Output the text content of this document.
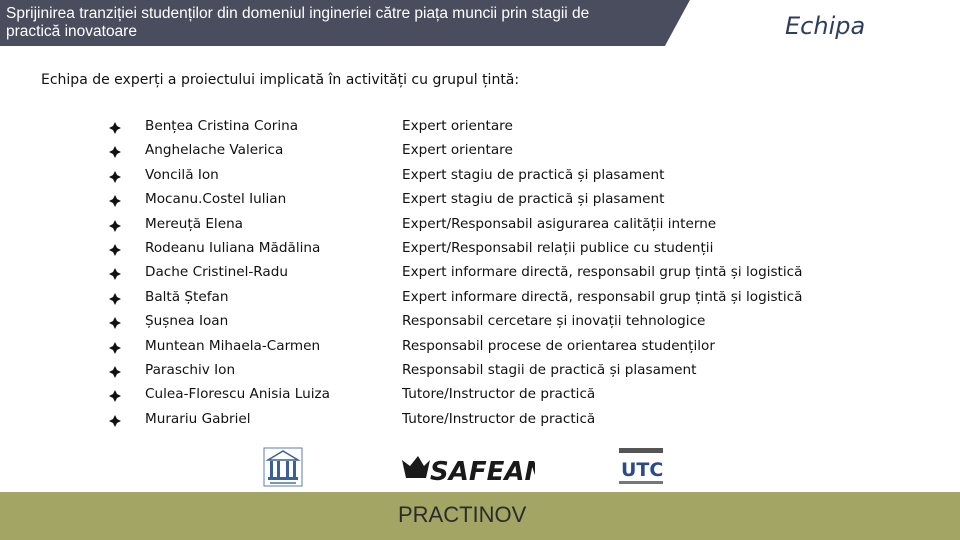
Sprijinirea tranziției studenților din domeniul ingineriei către piața muncii prin stagii de practică inovatoare	Echipa
Echipa de experți a proiectului implicată în activități cu grupul țintă:
Bențea Cristina Corina	Expert orientare
Anghelache Valerica	Expert orientare
Voncilă Ion	Expert stagiu de practică și plasament
Mocanu.Costel Iulian	Expert stagiu de practică și plasament
Mereuță Elena	Expert/Responsabil asigurarea calității interne
Rodeanu Iuliana Mădălina	Expert/Responsabil relații publice cu studenții
Dache Cristinel-Radu	Expert informare directă, responsabil grup țintă și logistică
Baltă Ștefan	Expert informare directă, responsabil grup țintă și logistică
Șușnea Ioan	Responsabil cercetare și inovații tehnologice
Muntean Mihaela-Carmen	Responsabil procese de orientarea studenților
Paraschiv Ion	Responsabil stagii de practică și plasament
Culea-Florescu Anisia Luiza	Tutore/Instructor de practică
Murariu Gabriel	Tutore/Instructor de practică
SAFEAN	UTC
PRACTINOV
